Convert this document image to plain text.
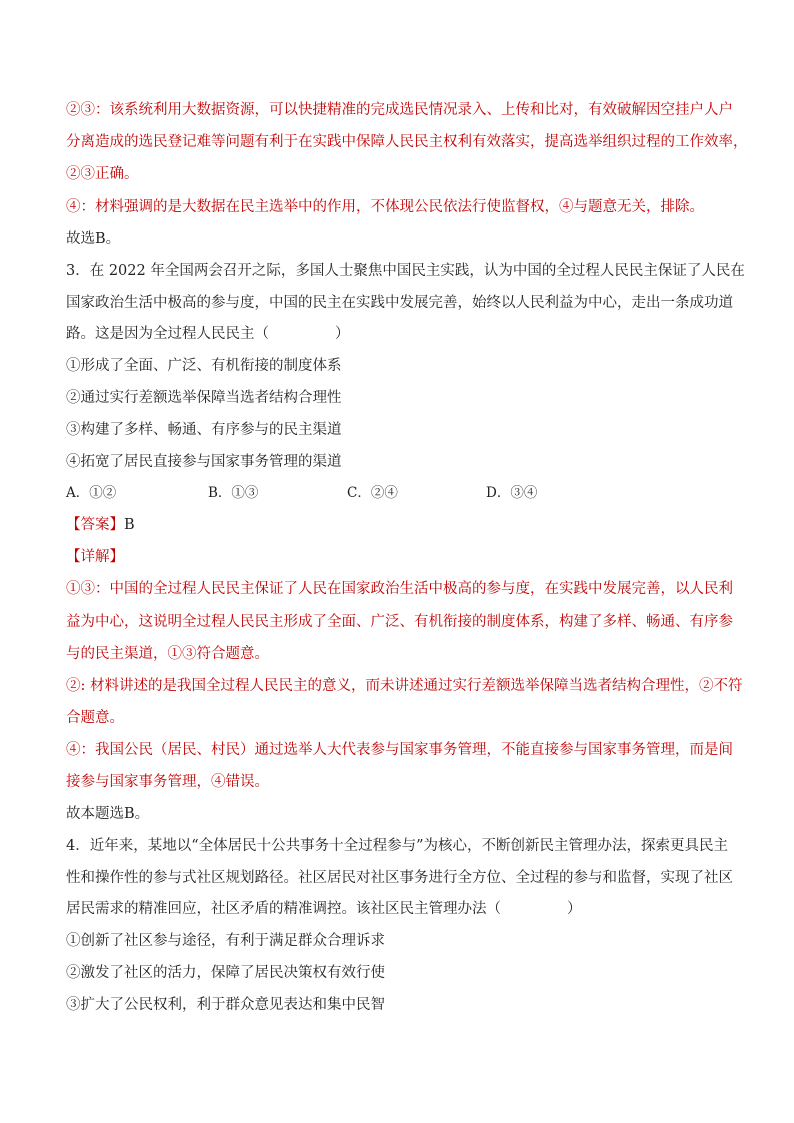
②③：该系统利用大数据资源，可以快捷精准的完成选民情况录入、上传和比对，有效破解因空挂户人户
分离造成的选民登记难等问题有利于在实践中保障人民民主权利有效落实，提高选举组织过程的工作效率，
②③正确。
④：材料强调的是大数据在民主选举中的作用，不体现公民依法行使监督权，④与题意无关，排除。
故选B。
3．在 2022 年全国两会召开之际，多国人士聚焦中国民主实践，认为中国的全过程人民民主保证了人民在
国家政治生活中极高的参与度，中国的民主在实践中发展完善，始终以人民利益为中心，走出一条成功道
路。这是因为全过程人民民主（	）
①形成了全面、广泛、有机衔接的制度体系
②通过实行差额选举保障当选者结构合理性
③构建了多样、畅通、有序参与的民主渠道
④拓宽了居民直接参与国家事务管理的渠道
A．①②	B．①③	C．②④	D．③④
【答案】B
【详解】
①③：中国的全过程人民民主保证了人民在国家政治生活中极高的参与度，在实践中发展完善，以人民利
益为中心，这说明全过程人民民主形成了全面、广泛、有机衔接的制度体系，构建了多样、畅通、有序参
与的民主渠道，①③符合题意。
②: 材料讲述的是我国全过程人民民主的意义，而未讲述通过实行差额选举保障当选者结构合理性，②不符
合题意。
④：我国公民（居民、村民）通过选举人大代表参与国家事务管理，不能直接参与国家事务管理，而是间
接参与国家事务管理，④错误。
故本题选B。
4．近年来，某地以“全体居民十公共事务十全过程参与”为核心，不断创新民主管理办法，探索更具民主
性和操作性的参与式社区规划路径。社区居民对社区事务进行全方位、全过程的参与和监督，实现了社区
居民需求的精准回应，社区矛盾的精准调控。该社区民主管理办法（	）
①创新了社区参与途径，有利于满足群众合理诉求
②激发了社区的活力，保障了居民决策权有效行使
③扩大了公民权利，利于群众意见表达和集中民智
